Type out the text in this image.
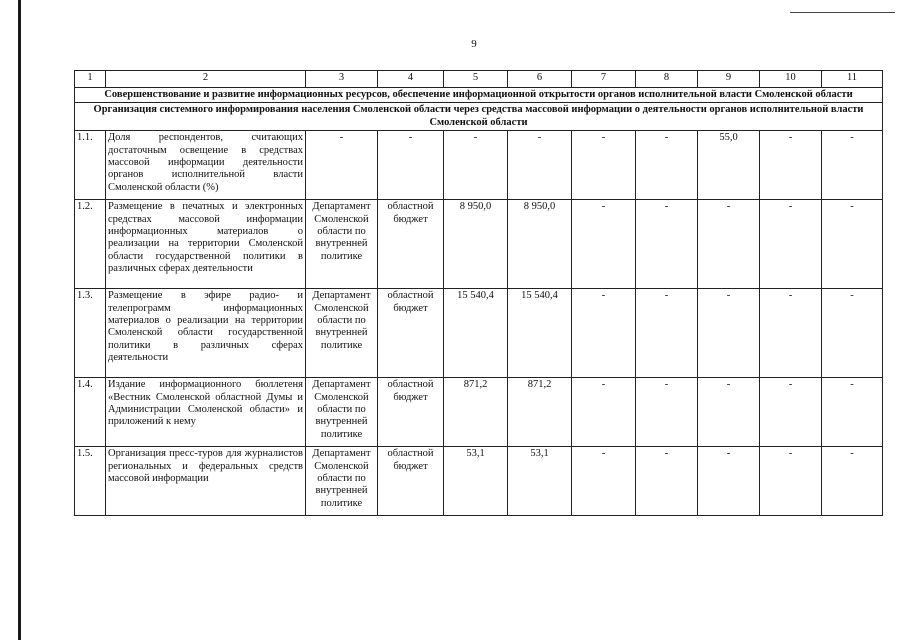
9
1	2	3	4	5	6	7	8	9	10	11
Совершенствование и развитие информационных ресурсов, обеспечение информационной открытости органов исполнительной власти Смоленской области										
Организация системного информирования населения Смоленской области через средства массовой информации о деятельности органов исполнительной власти Смоленской области										
1.1.	Доля респондентов, считающих достаточным освещение в средствах массовой информации деятельности органов исполнительной власти Смоленской области (%)	-	-	-	-	-	-	55,0	-	-
1.2.	Размещение в печатных и электронных средствах массовой информации информационных материалов о реализации на территории Смоленской области государственной политики в различных сферах деятельности	Департамент Смоленской области по внутренней политике	областной бюджет	8 950,0	8 950,0	-	-	-	-	-
1.3.	Размещение в эфире радио- и телепрограмм информационных материалов о реализации на территории Смоленской области государственной политики в различных сферах деятельности	Департамент Смоленской области по внутренней политике	областной бюджет	15 540,4	15 540,4	-	-	-	-	-
1.4.	Издание информационного бюллетеня «Вестник Смоленской областной Думы и Администрации Смоленской области» и приложений к нему	Департамент Смоленской области по внутренней политике	областной бюджет	871,2	871,2	-	-	-	-	-
1.5.	Организация пресс-туров для журналистов региональных и федеральных средств массовой информации	Департамент Смоленской области по внутренней политике	областной бюджет	53,1	53,1	-	-	-	-	-
